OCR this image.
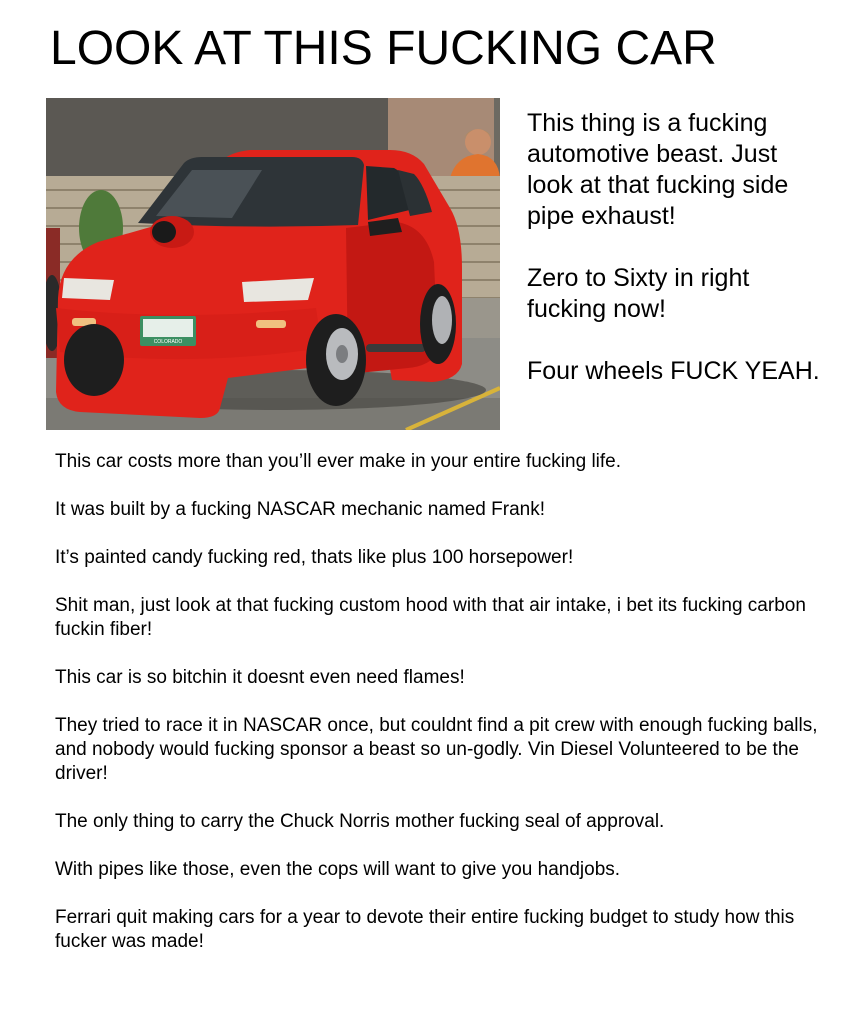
LOOK AT THIS FUCKING CAR
COLORADO

This thing is a fucking automotive beast. Just look at that fucking side pipe exhaust!

Zero to Sixty in right fucking now!

Four wheels FUCK YEAH.

This car costs more than you’ll ever make in your entire fucking life.

It was built by a fucking NASCAR mechanic named Frank!

It’s painted candy fucking red, thats like plus 100 horsepower!

Shit man, just look at that fucking custom hood with that air intake, i bet its fucking carbon fuckin fiber!

This car is so bitchin it doesnt even need flames!

They tried to race it in NASCAR once, but couldnt find a pit crew with enough fucking balls, and nobody would fucking sponsor a beast so un-godly. Vin Diesel Volunteered to be the driver!

The only thing to carry the Chuck Norris mother fucking seal of approval.

With pipes like those, even the cops will want to give you handjobs.

Ferrari quit making cars for a year to devote their entire fucking budget to study how this fucker was made!
